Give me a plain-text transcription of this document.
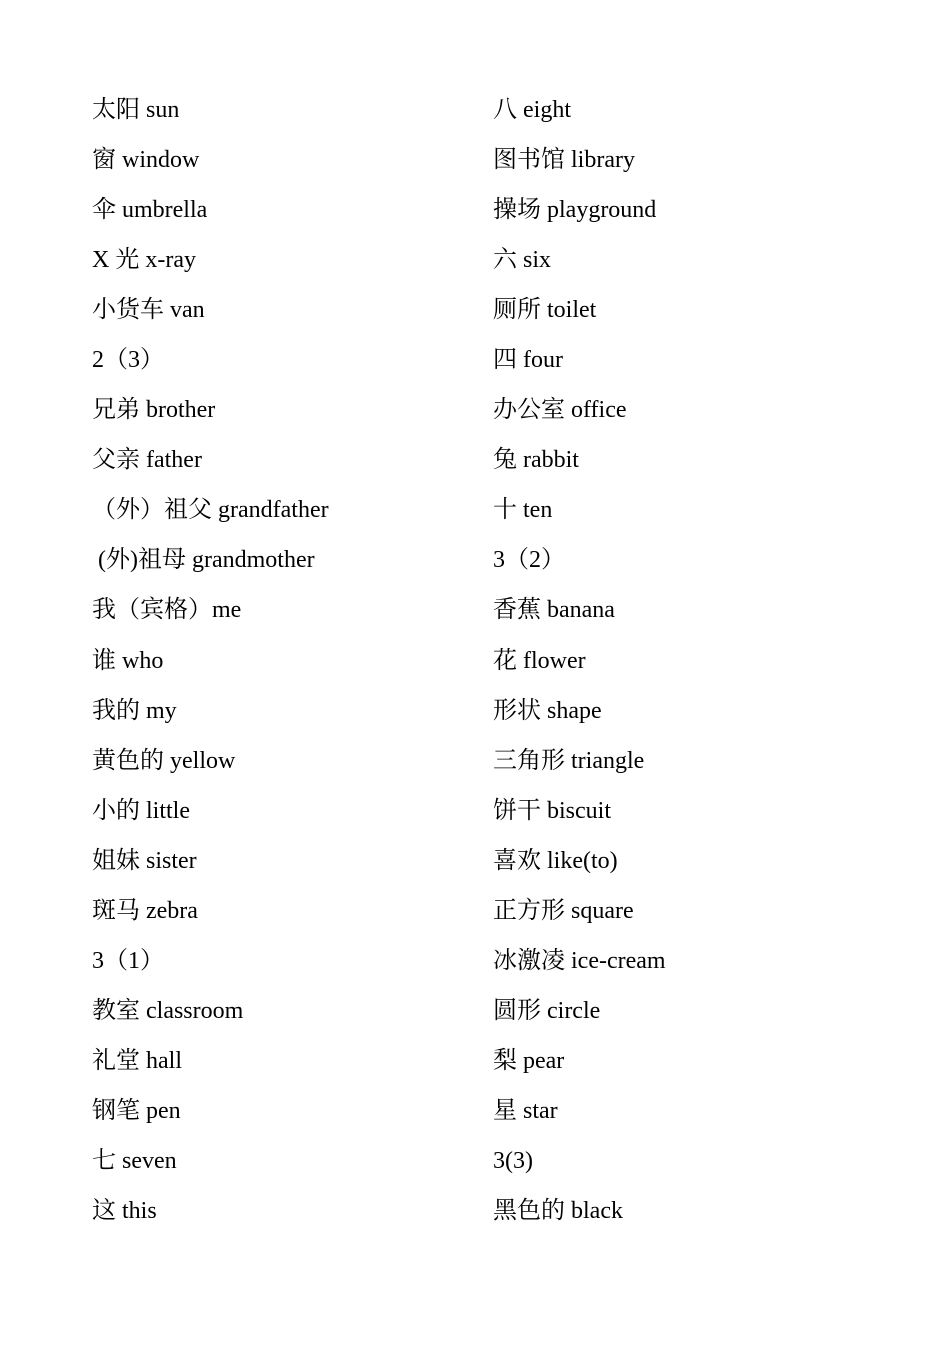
太阳 sun
窗 window
伞 umbrella
X 光 x-ray
小货车 van
2（3）
兄弟 brother
父亲 father
（外）祖父 grandfather
(外)祖母 grandmother
我（宾格）me
谁 who
我的 my
黄色的 yellow
小的 little
姐妹 sister
斑马 zebra
3（1）
教室 classroom
礼堂 hall
钢笔 pen
七 seven
这 this
八 eight
图书馆 library
操场 playground
六 six
厕所 toilet
四 four
办公室 office
兔 rabbit
十 ten
3（2）
香蕉 banana
花 flower
形状 shape
三角形 triangle
饼干 biscuit
喜欢 like(to)
正方形 square
冰激凌 ice-cream
圆形 circle
梨 pear
星 star
3(3)
黑色的 black
